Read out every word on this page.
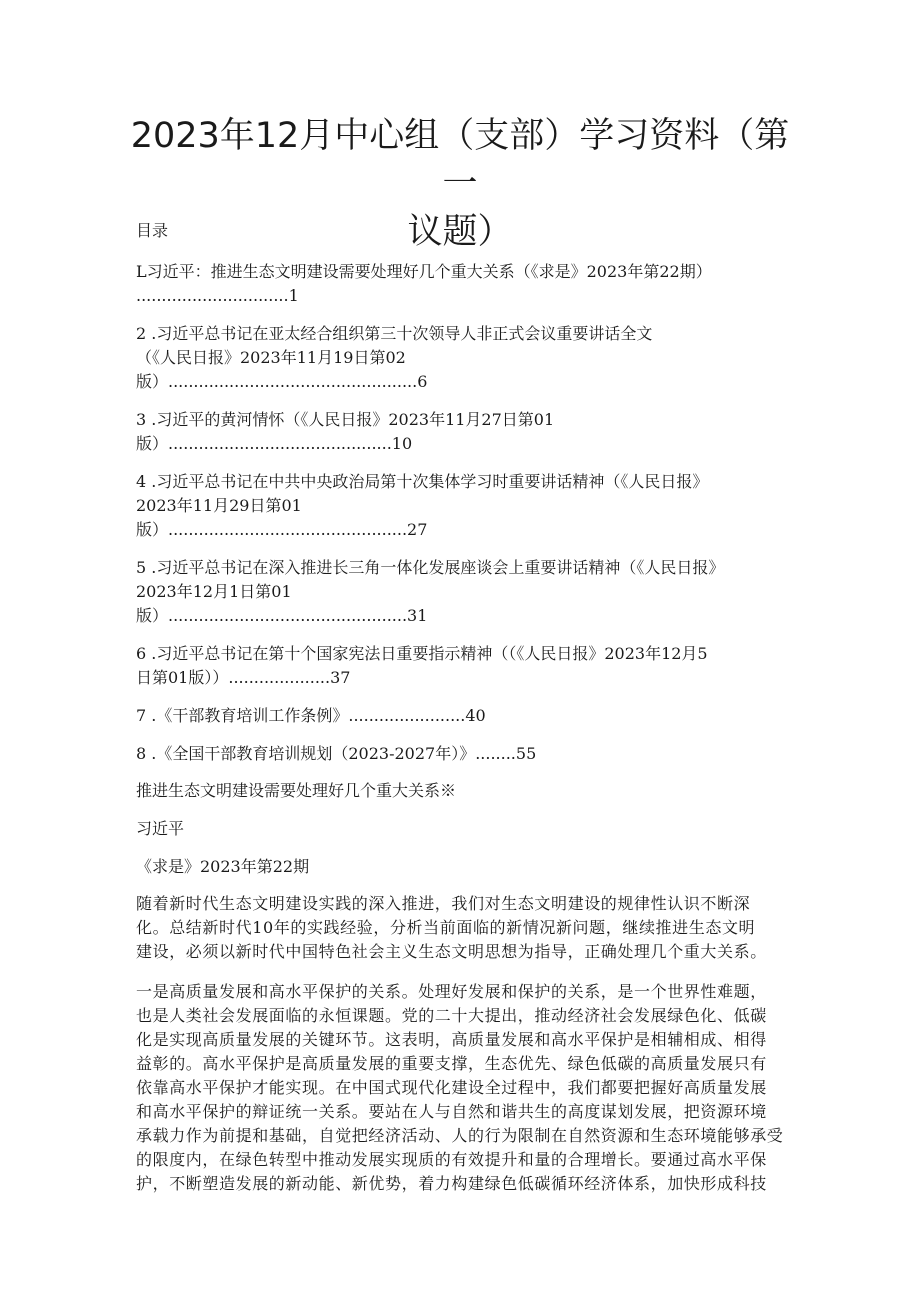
2023年12月中心组（支部）学习资料（第一
议题）

目录

L习近平：推进生态文明建设需要处理好几个重大关系（《求是》2023年第22期）
..............................1
2 .习近平总书记在亚太经合组织第三十次领导人非正式会议重要讲话全文
（《人民日报》2023年11月19日第02
版）.................................................6
3 .习近平的黄河情怀（《人民日报》2023年11月27日第01
版）............................................10
4 .习近平总书记在中共中央政治局第十次集体学习时重要讲话精神（《人民日报》
2023年11月29日第01
版）...............................................27
5 .习近平总书记在深入推进长三角一体化发展座谈会上重要讲话精神（《人民日报》
2023年12月1日第01
版）...............................................31
6 .习近平总书记在第十个国家宪法日重要指示精神（（《人民日报》2023年12月5
日第01版））....................37
7 .《干部教育培训工作条例》.......................40
8 .《全国干部教育培训规划（2023-2027年）》........55

推进生态文明建设需要处理好几个重大关系※

习近平

《求是》2023年第22期

随着新时代生态文明建设实践的深入推进，我们对生态文明建设的规律性认识不断深
化。总结新时代10年的实践经验，分析当前面临的新情况新问题，继续推进生态文明
建设，必须以新时代中国特色社会主义生态文明思想为指导，正确处理几个重大关系。
一是高质量发展和高水平保护的关系。处理好发展和保护的关系，是一个世界性难题，
也是人类社会发展面临的永恒课题。党的二十大提出，推动经济社会发展绿色化、低碳
化是实现高质量发展的关键环节。这表明，高质量发展和高水平保护是相辅相成、相得
益彰的。高水平保护是高质量发展的重要支撑，生态优先、绿色低碳的高质量发展只有
依靠高水平保护才能实现。在中国式现代化建设全过程中，我们都要把握好高质量发展
和高水平保护的辩证统一关系。要站在人与自然和谐共生的高度谋划发展，把资源环境
承载力作为前提和基础，自觉把经济活动、人的行为限制在自然资源和生态环境能够承受
的限度内，在绿色转型中推动发展实现质的有效提升和量的合理增长。要通过高水平保
护，不断塑造发展的新动能、新优势，着力构建绿色低碳循环经济体系，加快形成科技
